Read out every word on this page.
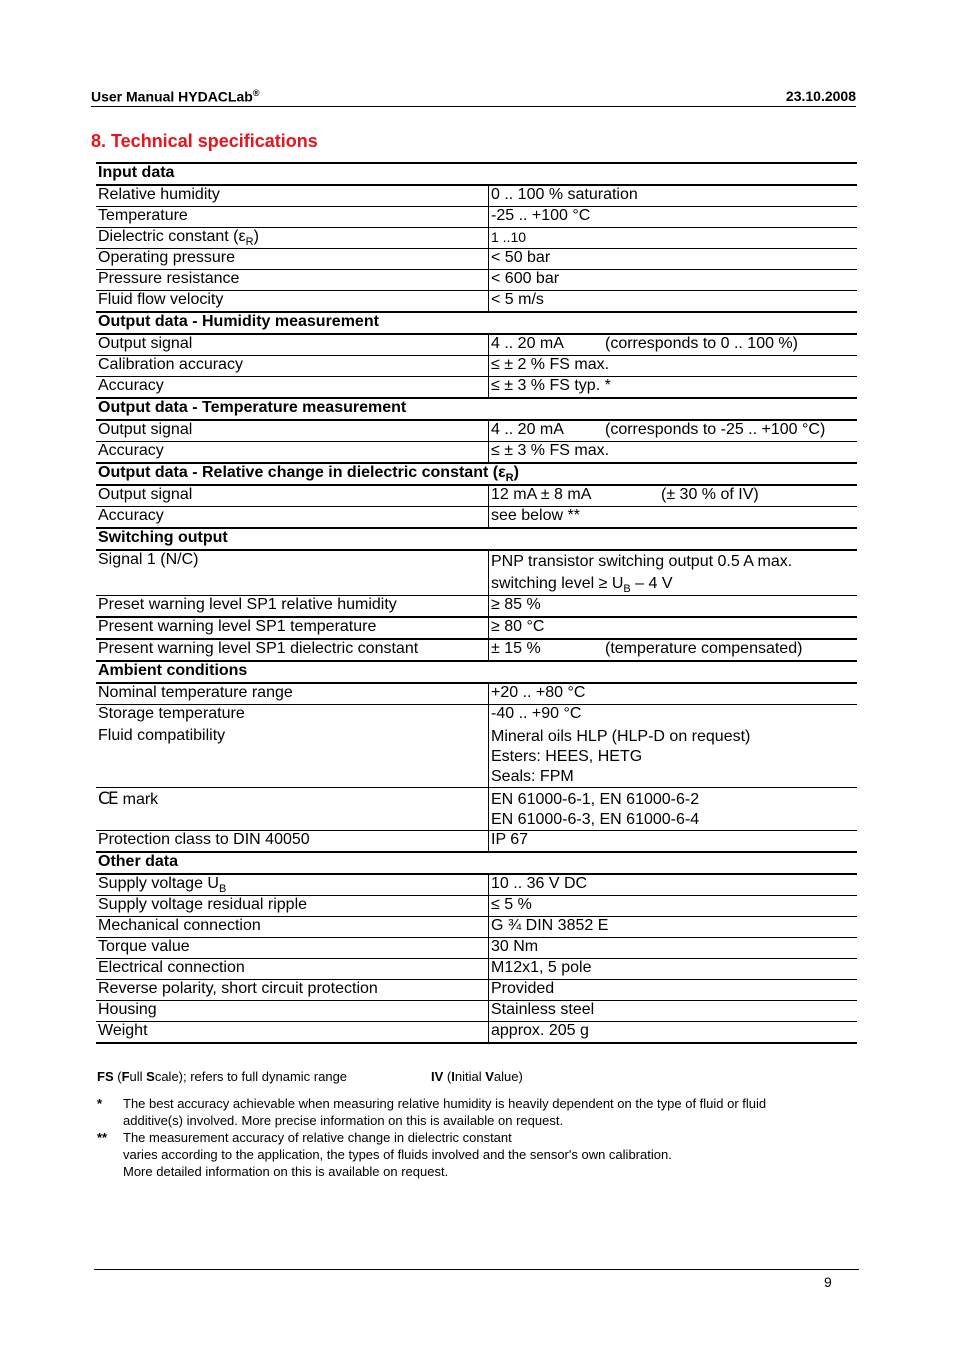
User Manual HYDACLab®	23.10.2008
8. Technical specifications
Input data	
Relative humidity	0 .. 100 % saturation
Temperature	-25 .. +100 °C
Dielectric constant $(\varepsilon_R)$	1 ..10
Operating pressure	< 50 bar
Pressure resistance	< 600 bar
Fluid flow velocity	< 5 m/s
Output data - Humidity measurement	
Output signal	4 .. 20 mA (corresponds to 0 .. 100 %)
Calibration accuracy	≤ ± 2 % FS max.
Accuracy	≤ ± 3 % FS typ. *
Output data - Temperature measurement	
Output signal	4 .. 20 mA (corresponds to -25 .. +100 °C)
Accuracy	≤ ± 3 % FS max.
Output data - Relative change in dielectric constant $(\varepsilon_R)$	
Output signal	12 mA ± 8 mA (± 30 % of IV)
Accuracy	see below **
Switching output	
Signal 1 (N/C)	PNP transistor switching output 0.5 A max.
switching level ≥ $U_B - 4$ V

Preset warning level SP1 relative humidity	≥ 85 %
Present warning level SP1 temperature	≥ 80 °C
Present warning level SP1 dielectric constant	± 15 % (temperature compensated)
Ambient conditions	
Nominal temperature range	+20 .. +80 °C
Storage temperature	-40 .. +90 °C
Fluid compatibility	Mineral oils HLP (HLP-D on request)
Esters: HEES, HETG
Seals: FPM

CE mark	EN 61000-6-1, EN 61000-6-2
EN 61000-6-3, EN 61000-6-4

Protection class to DIN 40050	IP 67
Other data	
Supply voltage $U_B$	10 .. 36 V DC
Supply voltage residual ripple	≤ 5 %
Mechanical connection	G ¾ DIN 3852 E
Torque value	30 Nm
Electrical connection	M12x1, 5 pole
Reverse polarity, short circuit protection	Provided
Housing	Stainless steel
Weight	approx. 205 g
FS (Full Scale); refers to full dynamic range	IV (Initial Value)
* The best accuracy achievable when measuring relative humidity is heavily dependent on the type of fluid or fluid
additive(s) involved. More precise information on this is available on request.
** The measurement accuracy of relative change in dielectric constant
varies according to the application, the types of fluids involved and the sensor's own calibration.
More detailed information on this is available on request.
9
